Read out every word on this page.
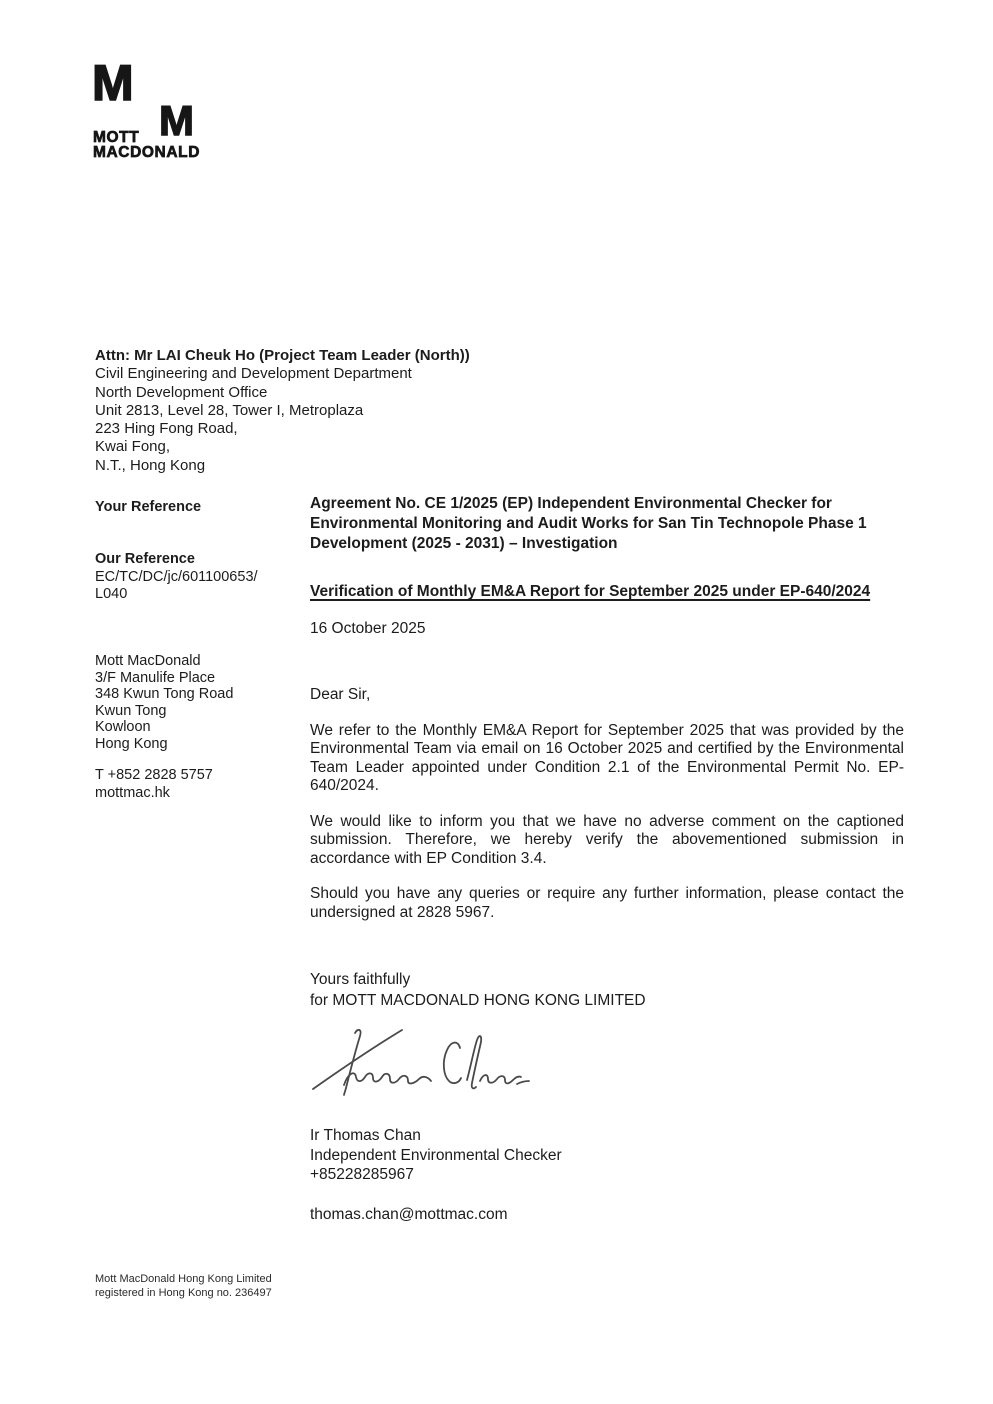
M
M
MOTT
MACDONALD
Attn: Mr LAI Cheuk Ho (Project Team Leader (North))
Civil Engineering and Development Department
North Development Office
Unit 2813, Level 28, Tower I, Metroplaza
223 Hing Fong Road,
Kwai Fong,
N.T., Hong Kong
Your Reference
Our Reference
EC/TC/DC/jc/601100653/
L040
Mott MacDonald
3/F Manulife Place
348 Kwun Tong Road
Kwun Tong
Kowloon
Hong Kong
T +852 2828 5757
mottmac.hk
Agreement No. CE 1/2025 (EP) Independent Environmental Checker for Environmental Monitoring and Audit Works for San Tin Technopole Phase 1 Development (2025 - 2031) – Investigation
Verification of Monthly EM&A Report for September 2025 under EP-640/2024
16 October 2025
Dear Sir,

We refer to the Monthly EM&A Report for September 2025 that was provided by the Environmental Team via email on 16 October 2025 and certified by the Environmental Team Leader appointed under Condition 2.1 of the Environmental Permit No. EP-640/2024.

We would like to inform you that we have no adverse comment on the captioned submission. Therefore, we hereby verify the abovementioned submission in accordance with EP Condition 3.4.

Should you have any queries or require any further information, please contact the undersigned at 2828 5967.

Yours faithfully
for MOTT MACDONALD HONG KONG LIMITED
Ir Thomas Chan
Independent Environmental Checker
+85228285967
thomas.chan@mottmac.com
Mott MacDonald Hong Kong Limited
registered in Hong Kong no. 236497
